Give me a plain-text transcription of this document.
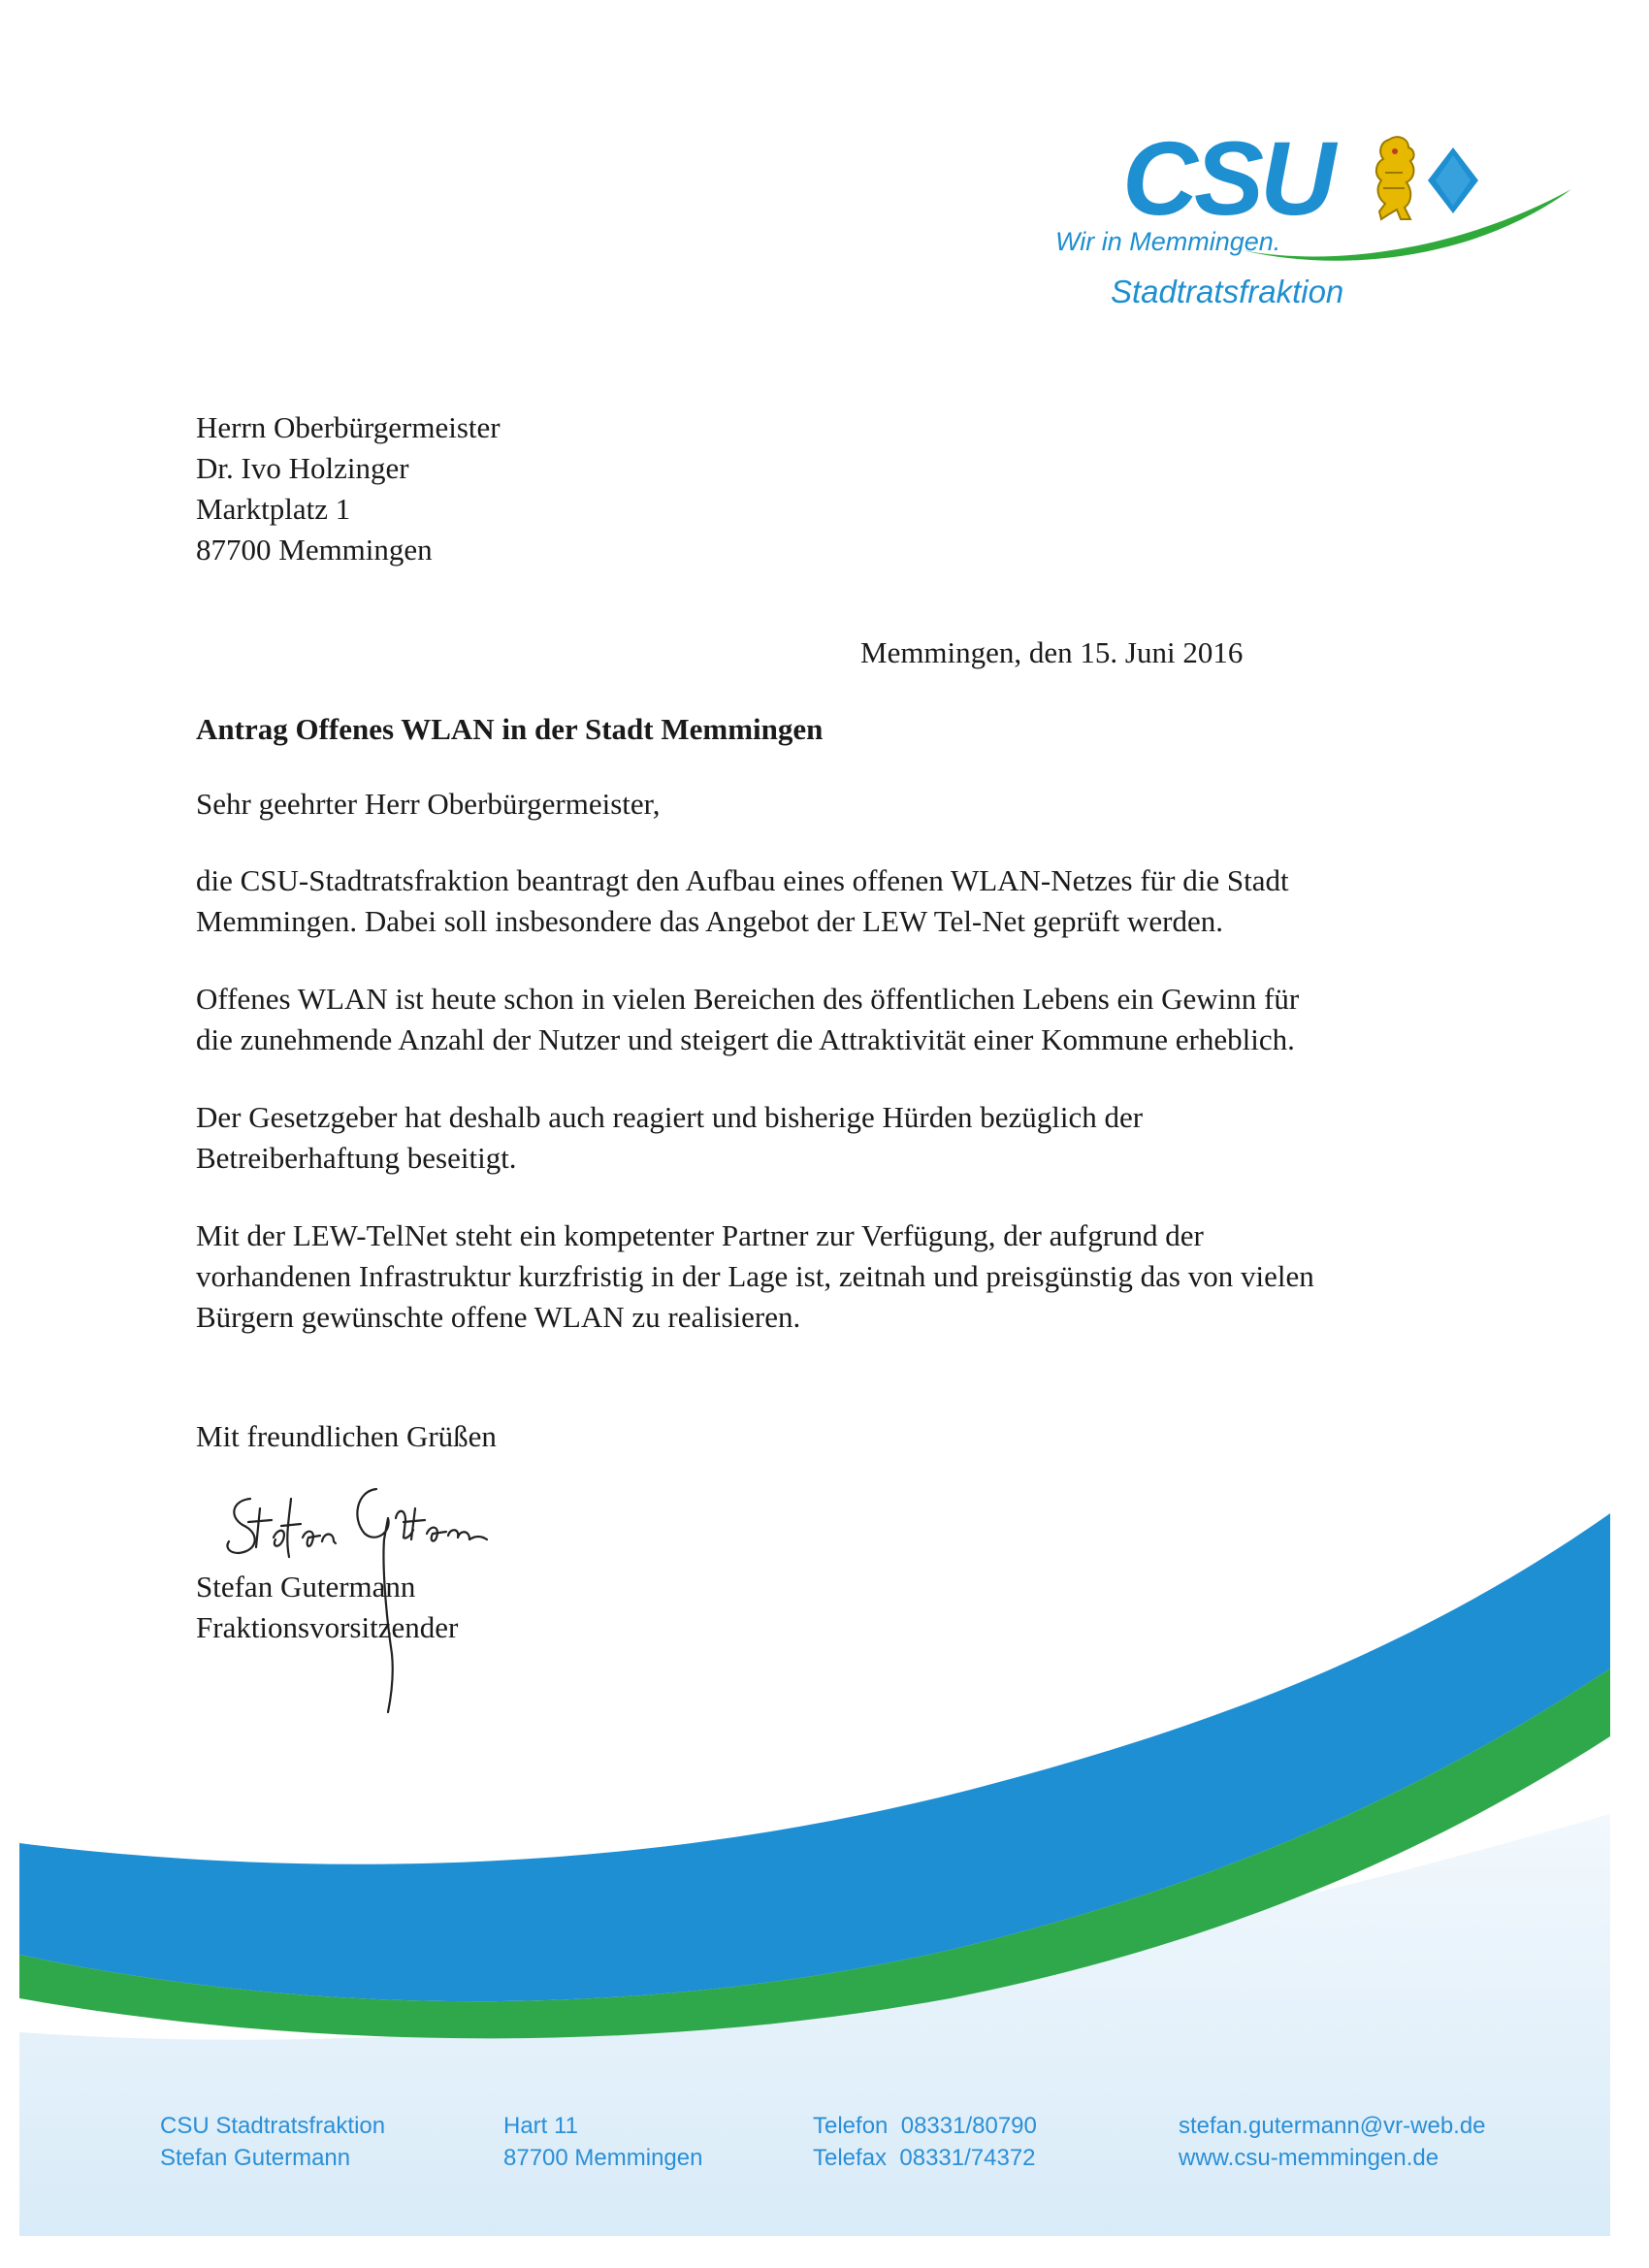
CSU
Wir in Memmingen.
Stadtratsfraktion
Herrn Oberbürgermeister
Dr. Ivo Holzinger
Marktplatz 1
87700 Memmingen
Memmingen, den 15. Juni 2016
Antrag Offenes WLAN in der Stadt Memmingen
Sehr geehrter Herr Oberbürgermeister,

die CSU-Stadtratsfraktion beantragt den Aufbau eines offenen WLAN-Netzes für die Stadt
Memmingen. Dabei soll insbesondere das Angebot der LEW Tel-Net geprüft werden.

Offenes WLAN ist heute schon in vielen Bereichen des öffentlichen Lebens ein Gewinn für
die zunehmende Anzahl der Nutzer und steigert die Attraktivität einer Kommune erheblich.

Der Gesetzgeber hat deshalb auch reagiert und bisherige Hürden bezüglich der
Betreiberhaftung beseitigt.

Mit der LEW-TelNet steht ein kompetenter Partner zur Verfügung, der aufgrund der
vorhandenen Infrastruktur kurzfristig in der Lage ist, zeitnah und preisgünstig das von vielen
Bürgern gewünschte offene WLAN zu realisieren.

Mit freundlichen Grüßen
Stefan Gutermann
Fraktionsvorsitzender
CSU Stadtratsfraktion
Stefan Gutermann
Hart 11
87700 Memmingen
Telefon  08331/80790
Telefax  08331/74372
stefan.gutermann@vr-web.de
www.csu-memmingen.de
